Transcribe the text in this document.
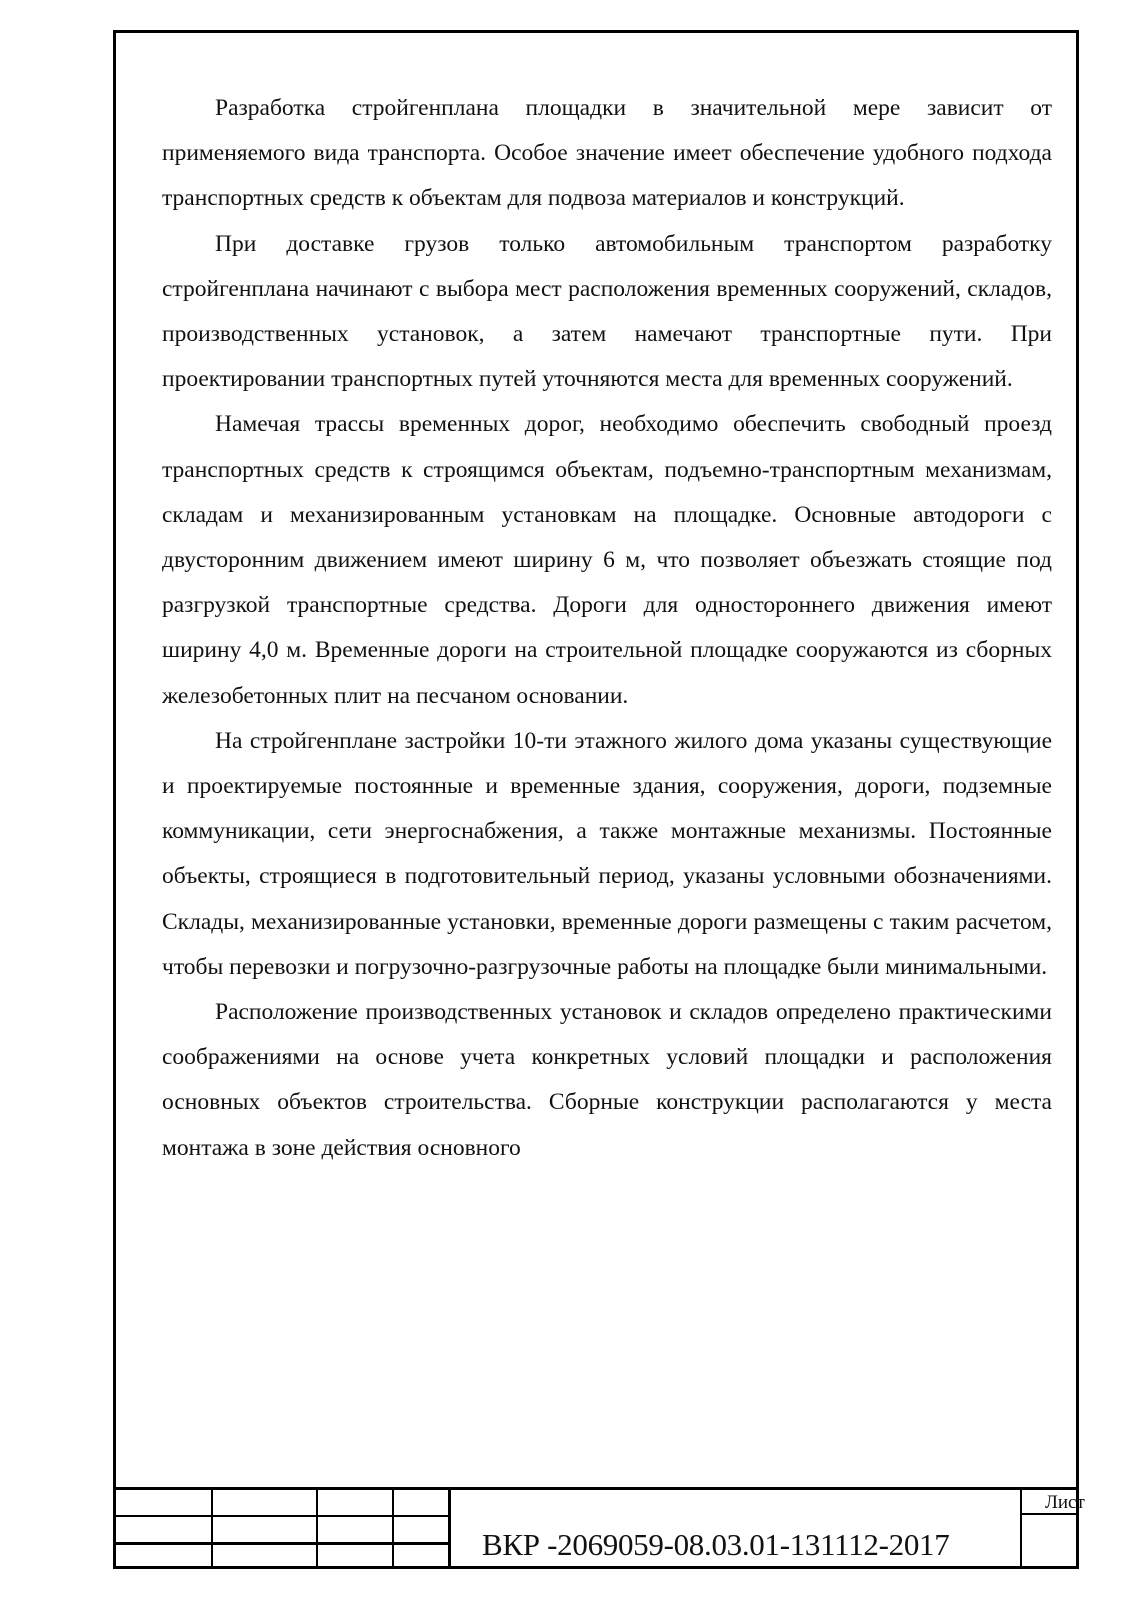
Разработка стройгенплана площадки в значительной мере зависит от применяемого вида транспорта. Особое значение имеет обеспечение удобного подхода транспортных средств к объектам для подвоза материалов и конструкций.

При доставке грузов только автомобильным транспортом разработку стройгенплана начинают с выбора мест расположения временных сооружений, складов, производственных установок, а затем намечают транспортные пути. При проектировании транспортных путей уточняются места для временных сооружений.

Намечая трассы временных дорог, необходимо обеспечить свободный проезд транспортных средств к строящимся объектам, подъемно-транспортным механизмам, складам и механизированным установкам на площадке. Основные автодороги с двусторонним движением имеют ширину 6 м, что позволяет объезжать стоящие под разгрузкой транспортные средства. Дороги для одностороннего движения имеют ширину 4,0 м. Временные дороги на строительной площадке сооружаются из сборных железобетонных плит на песчаном основании.

На стройгенплане застройки 10-ти этажного жилого дома указаны существующие и проектируемые постоянные и временные здания, сооружения, дороги, подземные коммуникации, сети энергоснабжения, а также монтажные механизмы. Постоянные объекты, строящиеся в подготовительный период, указаны условными обозначениями. Склады, механизированные установки, временные дороги размещены с таким расчетом, чтобы перевозки и погрузочно-разгрузочные работы на площадке были минимальными.

Расположение производственных установок и складов определено практическими соображениями на основе учета конкретных условий площадки и расположения основных объектов строительства. Сборные конструкции располагаются у места монтажа в зоне действия основного

ВКР -2069059-08.03.01-131112-2017
Лист
